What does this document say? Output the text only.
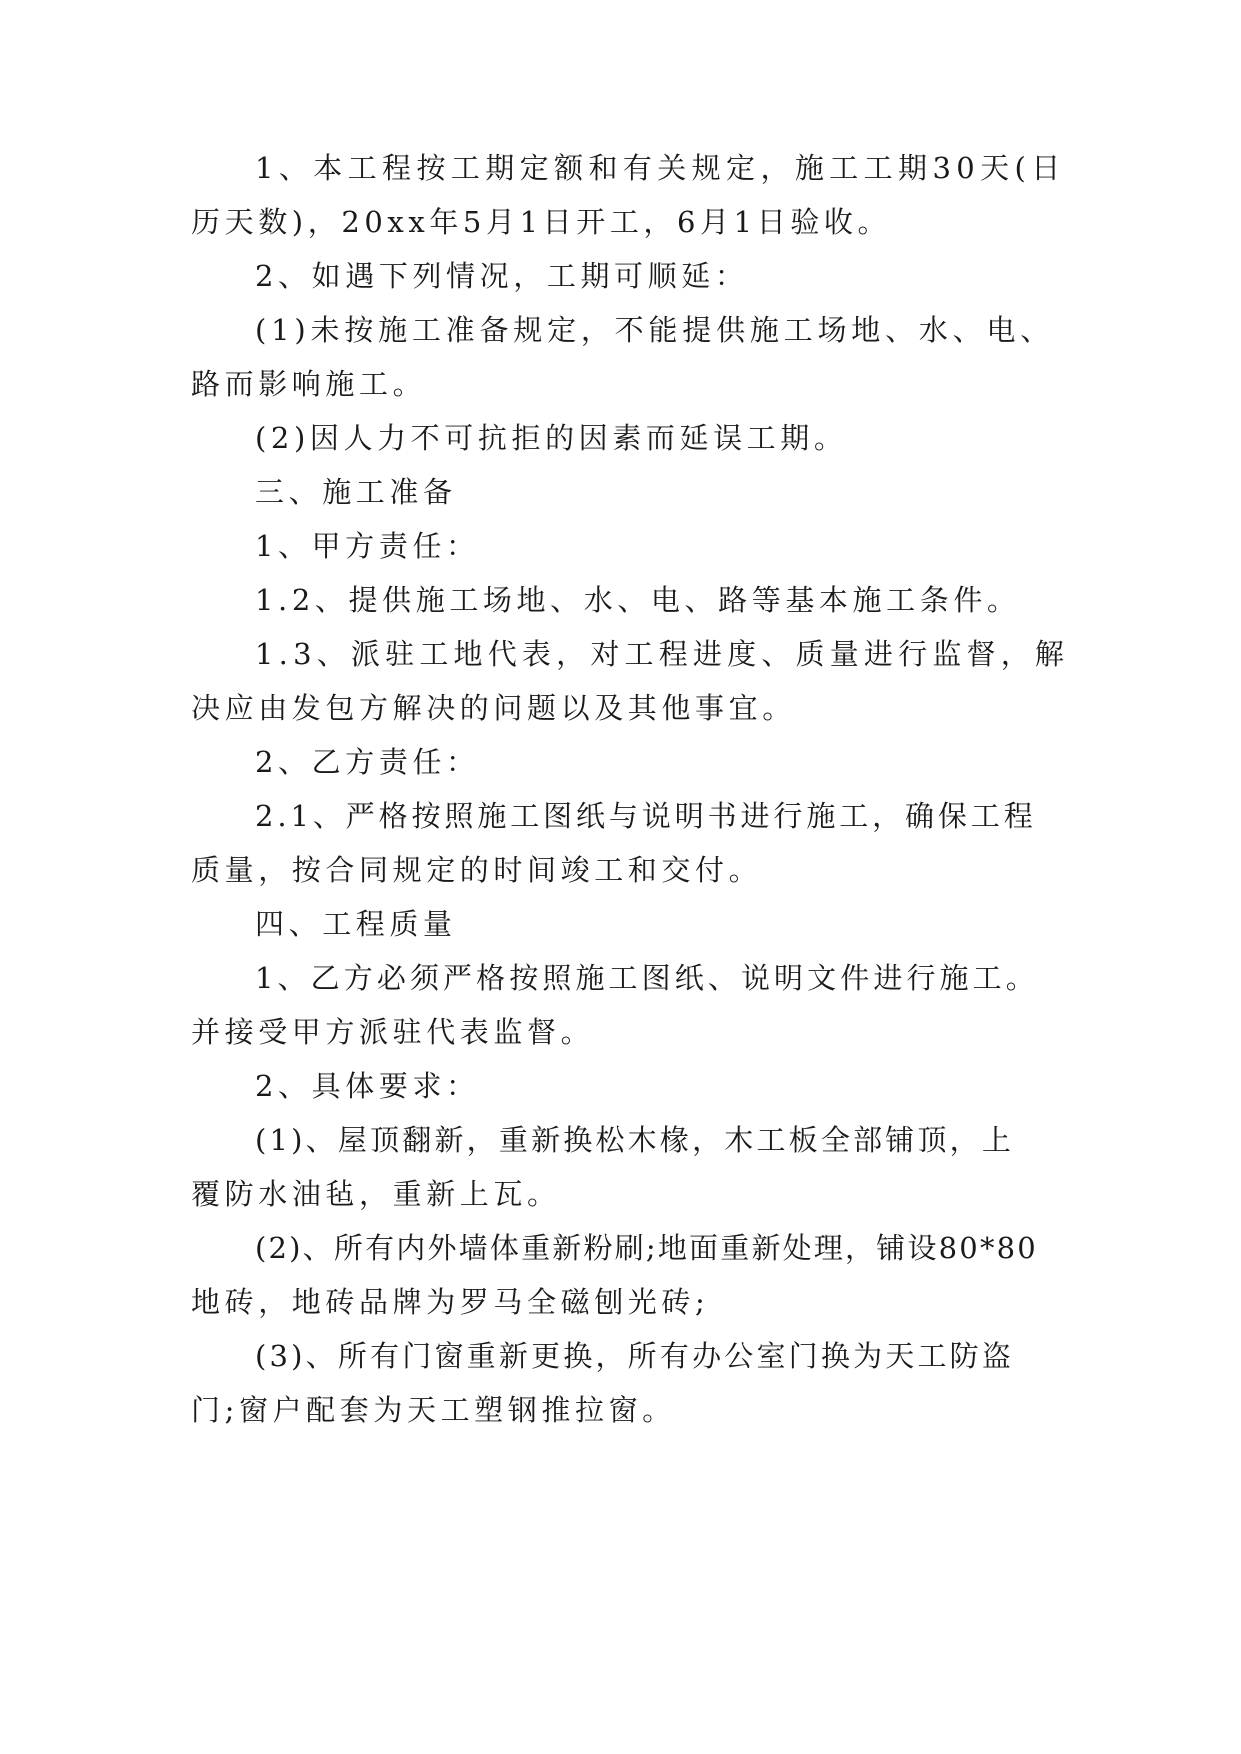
1、本工程按工期定额和有关规定，施工工期30天(日
历天数)，20xx年5月1日开工，6月1日验收。
2、如遇下列情况，工期可顺延：
(1)未按施工准备规定，不能提供施工场地、水、电、
路而影响施工。
(2)因人力不可抗拒的因素而延误工期。
三、施工准备
1、甲方责任：
1.2、提供施工场地、水、电、路等基本施工条件。
1.3、派驻工地代表，对工程进度、质量进行监督，解
决应由发包方解决的问题以及其他事宜。
2、乙方责任：
2.1、严格按照施工图纸与说明书进行施工，确保工程
质量，按合同规定的时间竣工和交付。
四、工程质量
1、乙方必须严格按照施工图纸、说明文件进行施工。
并接受甲方派驻代表监督。
2、具体要求：
(1)、屋顶翻新，重新换松木椽，木工板全部铺顶，上
覆防水油毡，重新上瓦。
(2)、所有内外墙体重新粉刷;地面重新处理，铺设80*80
地砖，地砖品牌为罗马全磁刨光砖;
(3)、所有门窗重新更换，所有办公室门换为天工防盗
门;窗户配套为天工塑钢推拉窗。
